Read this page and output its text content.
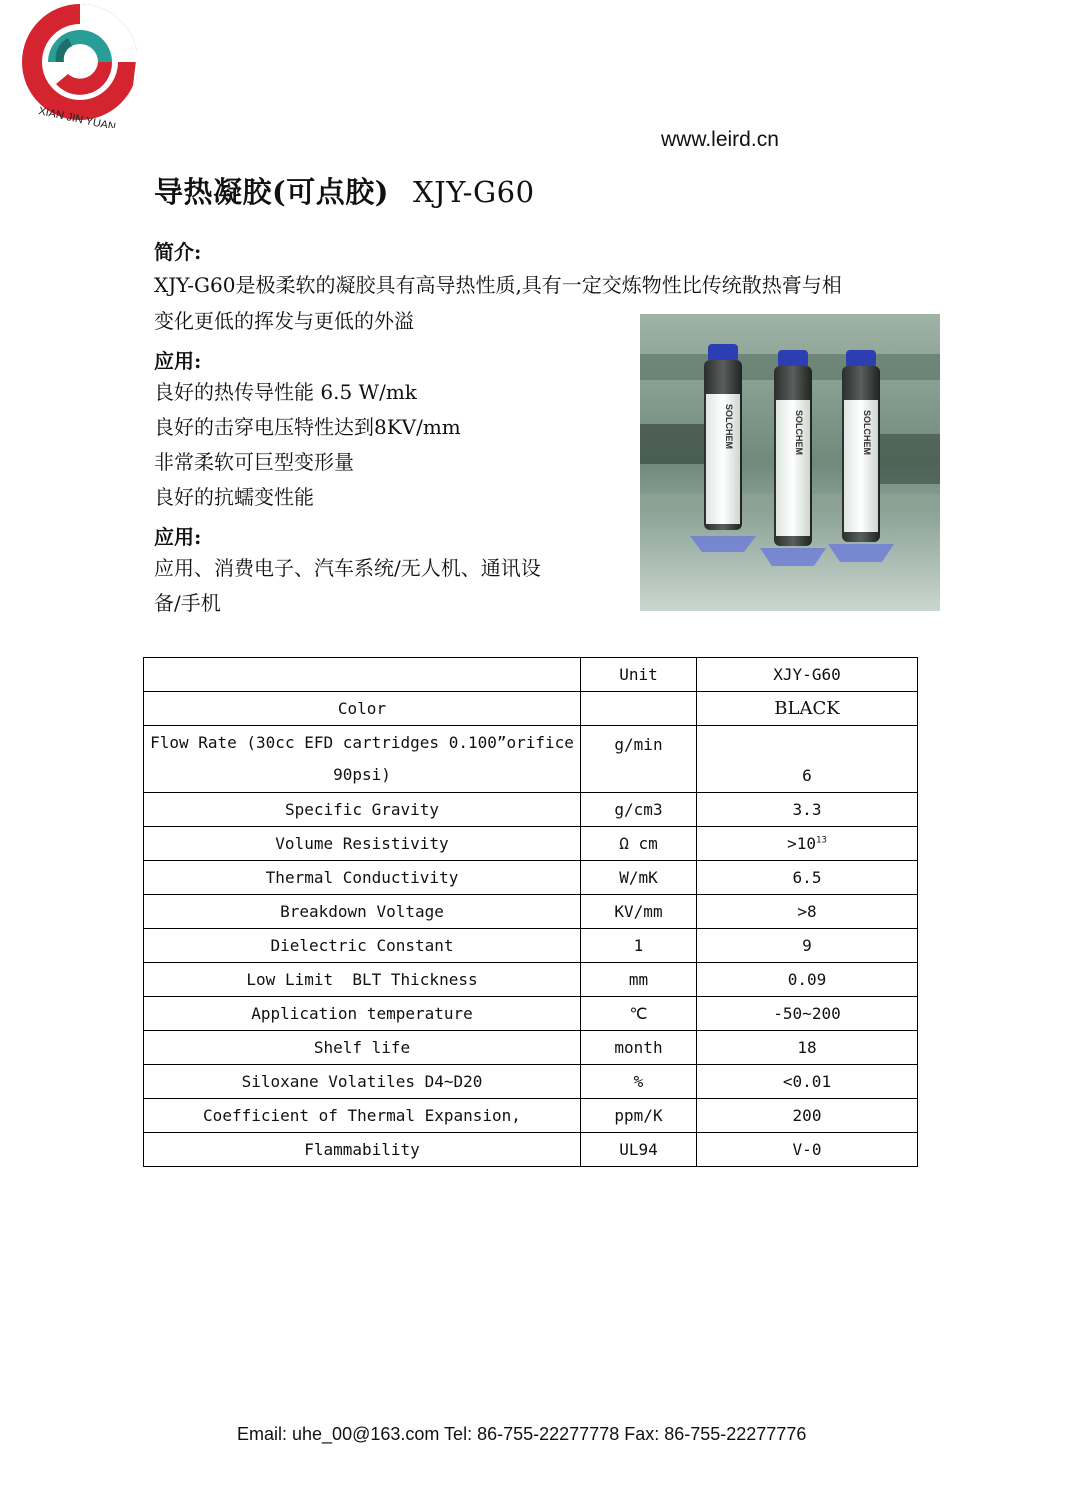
XIAN JIN YUAN
www.leird.cn
导热凝胶(可点胶) XJY-G60
简介:
XJY-G60是极柔软的凝胶具有高导热性质,具有一定交炼物性比传统散热膏与相
变化更低的挥发与更低的外溢
应用:
良好的热传导性能 6.5 W/mk
良好的击穿电压特性达到8KV/mm
非常柔软可巨型变形量
良好的抗蠕变性能
应用:
应用、消费电子、汽车系统/无人机、通讯设
备/手机
SOLCHEM	SOLCHEM	SOLCHEM
	Unit	XJY-G60
Color		BLACK

Flow Rate (30cc EFD cartridges 0.100”orifice
90psi)	g/min	6

Specific Gravity	g/cm3	3.3
Volume Resistivity	Ω cm	$>10^{13}$
Thermal Conductivity	W/mK	6.5
Breakdown Voltage	KV/mm	>8
Dielectric Constant	1	9
Low Limit  BLT Thickness	mm	0.09
Application temperature	℃	-50~200
Shelf life	month	18
Siloxane Volatiles D4~D20	%	<0.01
Coefficient of Thermal Expansion,	ppm/K	200
Flammability	UL94	V-0
Email: uhe_00@163.com Tel: 86-755-22277778 Fax: 86-755-22277776
